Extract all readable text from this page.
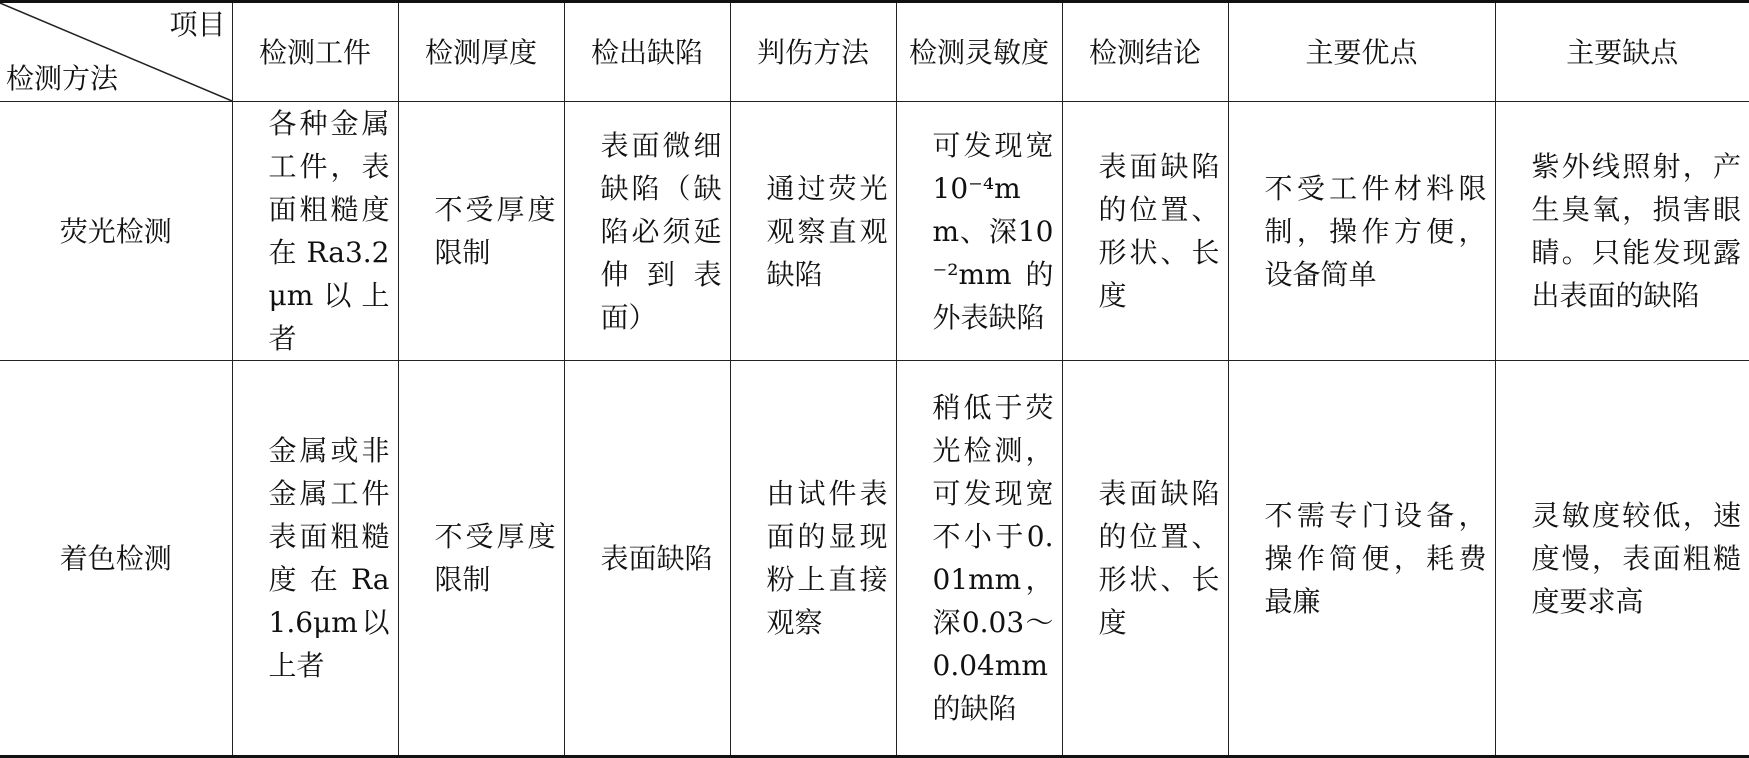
项目
检测方法	检测工件	检测厚度	检出缺陷	判伤方法	检测灵敏度	检测结论	主要优点	主要缺点
荧光检测	各种金属工件，表面粗糙度在Ra3.2μm以上者	不受厚度限制	表面微细缺陷（缺陷必须延伸到表面）	通过荧光观察直观缺陷	可发现宽10⁻⁴mm、深10⁻²mm的外表缺陷	表面缺陷的位置、形状、长度	不受工件材料限制，操作方便，设备简单	紫外线照射，产生臭氧，损害眼睛。只能发现露出表面的缺陷
着色检测	金属或非金属工件表面粗糙度在Ra1.6μm以上者	不受厚度限制	表面缺陷	由试件表面的显现粉上直接观察	稍低于荧光检测，可发现宽不小于0.01mm，深0.03～0.04mm的缺陷	表面缺陷的位置、形状、长度	不需专门设备，操作简便，耗费最廉	灵敏度较低，速度慢，表面粗糙度要求高
